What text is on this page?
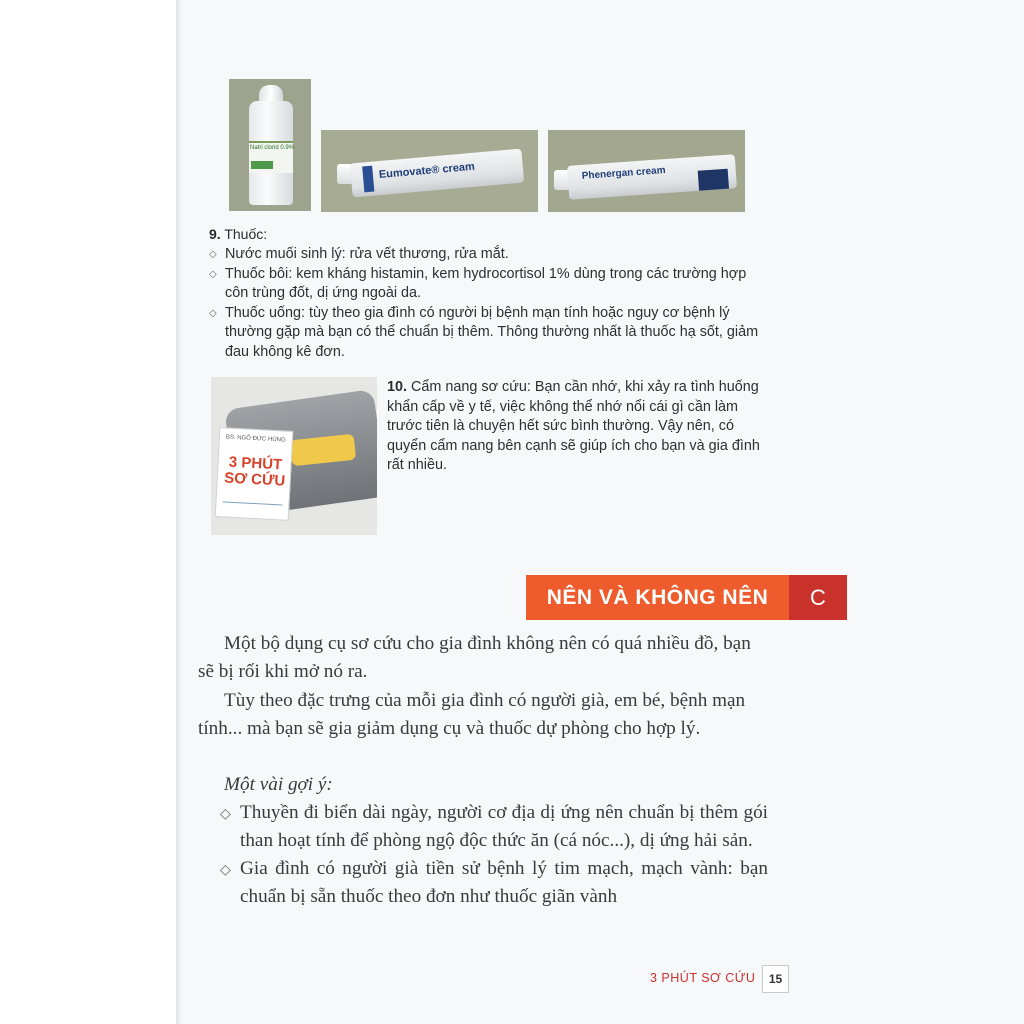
Natri clorid 0.9%
Eumovate® cream	Phenergan cream
9. Thuốc:
◇ Nước muối sinh lý: rửa vết thương, rửa mắt.
◇ Thuốc bôi: kem kháng histamin, kem hydrocortisol 1% dùng trong các trường hợp côn trùng đốt, dị ứng ngoài da.
◇ Thuốc uống: tùy theo gia đình có người bị bệnh mạn tính hoặc nguy cơ bệnh lý thường gặp mà bạn có thể chuẩn bị thêm. Thông thường nhất là thuốc hạ sốt, giảm đau không kê đơn.
BS. NGÔ ĐỨC HÙNG
3 PHÚT SƠ CỨU
10. Cẩm nang sơ cứu: Bạn cần nhớ, khi xảy ra tình huống khẩn cấp về y tế, việc không thể nhớ nổi cái gì cần làm trước tiên là chuyện hết sức bình thường. Vậy nên, có quyển cẩm nang bên cạnh sẽ giúp ích cho bạn và gia đình rất nhiều.
NÊN VÀ KHÔNG NÊN C

Một bộ dụng cụ sơ cứu cho gia đình không nên có quá nhiều đồ, bạn sẽ bị rối khi mở nó ra.

Tùy theo đặc trưng của mỗi gia đình có người già, em bé, bệnh mạn tính... mà bạn sẽ gia giảm dụng cụ và thuốc dự phòng cho hợp lý.

Một vài gợi ý:

◇ Thuyền đi biển dài ngày, người cơ địa dị ứng nên chuẩn bị thêm gói than hoạt tính để phòng ngộ độc thức ăn (cá nóc...), dị ứng hải sản.
◇ Gia đình có người già tiền sử bệnh lý tim mạch, mạch vành: bạn chuẩn bị sẵn thuốc theo đơn như thuốc giãn vành
3 PHÚT SƠ CỨU	15
